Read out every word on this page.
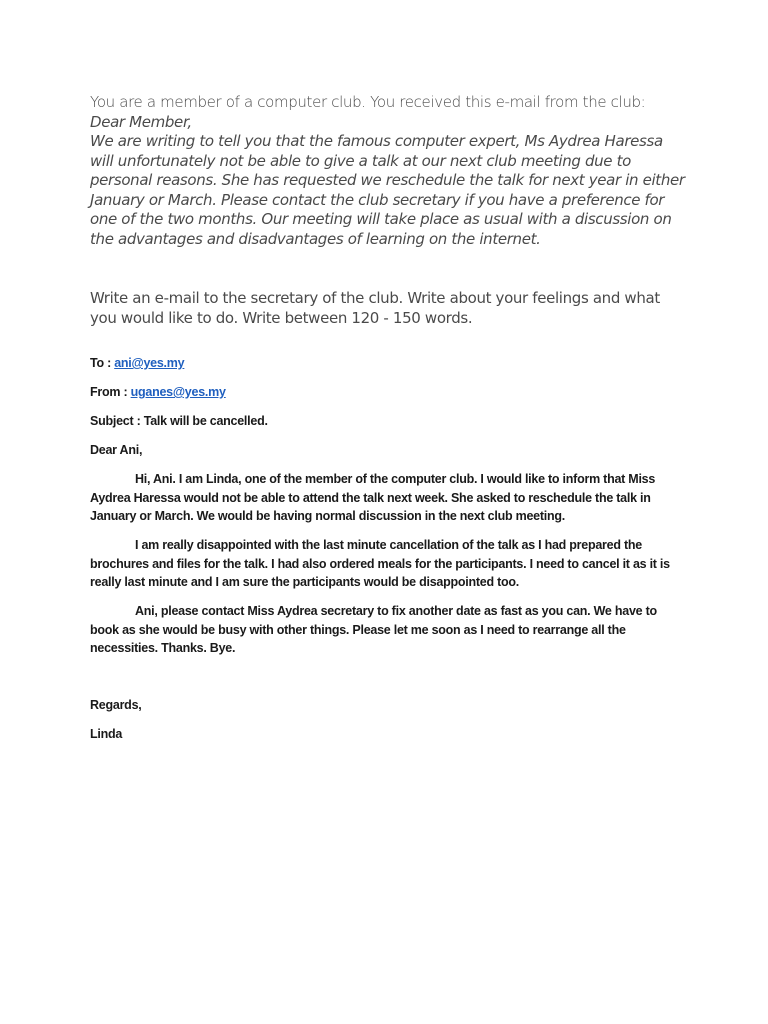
You are a member of a computer club. You received this e-mail from the club:

Dear Member,

We are writing to tell you that the famous computer expert, Ms Aydrea Haressa will unfortunately not be able to give a talk at our next club meeting due to personal reasons. She has requested we reschedule the talk for next year in either January or March. Please contact the club secretary if you have a preference for one of the two months. Our meeting will take place as usual with a discussion on the advantages and disadvantages of learning on the internet.

Write an e-mail to the secretary of the club. Write about your feelings and what you would like to do. Write between 120 - 150 words.

To : ani@yes.my

From : uganes@yes.my

Subject : Talk will be cancelled.

Dear Ani,

Hi, Ani. I am Linda, one of the member of the computer club. I would like to inform that Miss Aydrea Haressa would not be able to attend the talk next week. She asked to reschedule the talk in January or March. We would be having normal discussion in the next club meeting.

I am really disappointed with the last minute cancellation of the talk as I had prepared the brochures and files for the talk. I had also ordered meals for the participants. I need to cancel it as it is really last minute and I am sure the participants would be disappointed too.

Ani, please contact Miss Aydrea secretary to fix another date as fast as you can. We have to book as she would be busy with other things. Please let me soon as I need to rearrange all the necessities. Thanks. Bye.

Regards,

Linda
